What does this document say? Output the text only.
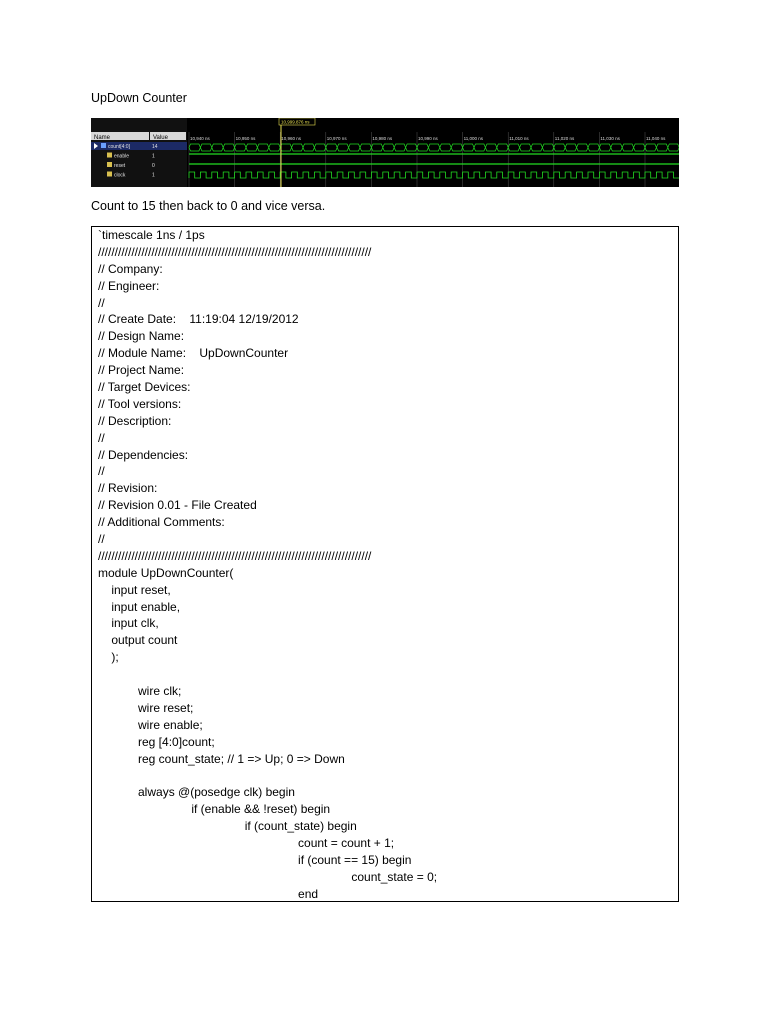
UpDown Counter
Name	Value
count[4:0]	14
enable	1
reset	0
clock	1
10,940 ns	10,950 ns	10,960 ns	10,970 ns	10,980 ns	10,990 ns	11,000 ns	11,010 ns	11,020 ns	11,030 ns	11,040 ns
10,999.876 ns

Count to 15 then back to 0 and vice versa.

`timescale 1ns / 1ps
//////////////////////////////////////////////////////////////////////////////////
// Company:
// Engineer:
//
// Create Date:    11:19:04 12/19/2012
// Design Name:
// Module Name:    UpDownCounter
// Project Name:
// Target Devices:
// Tool versions:
// Description:
//
// Dependencies:
//
// Revision:
// Revision 0.01 - File Created
// Additional Comments:
//
//////////////////////////////////////////////////////////////////////////////////
module UpDownCounter(
input reset,
input enable,
input clk,
output count
);
wire clk;
wire reset;
wire enable;
reg [4:0]count;
reg count_state; // 1 => Up; 0 => Down
always @(posedge clk) begin
if (enable && !reset) begin
if (count_state) begin
count = count + 1;
if (count == 15) begin
count_state = 0;
end
